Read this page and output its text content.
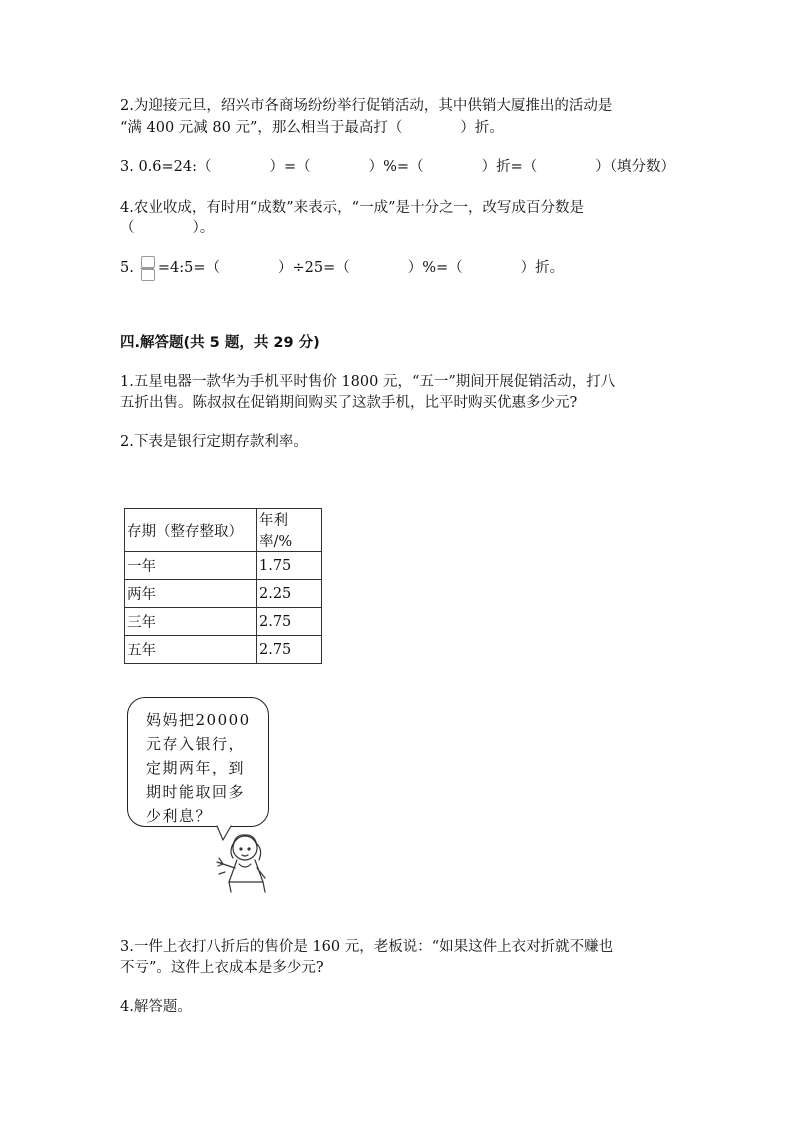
2.为迎接元旦，绍兴市各商场纷纷举行促销活动，其中供销大厦推出的活动是
“满 400 元减 80 元”，那么相当于最高打（　　　　）折。
3. 0.6=24:（　　　　）=（　　　　）%=（　　　　）折=（　　　　）（填分数）
4.农业收成，有时用“成数”来表示，“一成”是十分之一，改写成百分数是
（　　　　）。
5. =4:5=（　　　　）÷25=（　　　　）%=（　　　　）折。
四.解答题(共 5 题，共 29 分)
1.五星电器一款华为手机平时售价 1800 元，“五一”期间开展促销活动，打八
五折出售。陈叔叔在促销期间购买了这款手机，比平时购买优惠多少元?
2.下表是银行定期存款利率。
存期（整存整取）	年利率/%
一年	1.75
两年	2.25
三年	2.75
五年	2.75
妈妈把20000
元存入银行，
定期两年，到
期时能取回多
少利息？
3.一件上衣打八折后的售价是 160 元，老板说：“如果这件上衣对折就不赚也
不亏”。这件上衣成本是多少元?
4.解答题。
